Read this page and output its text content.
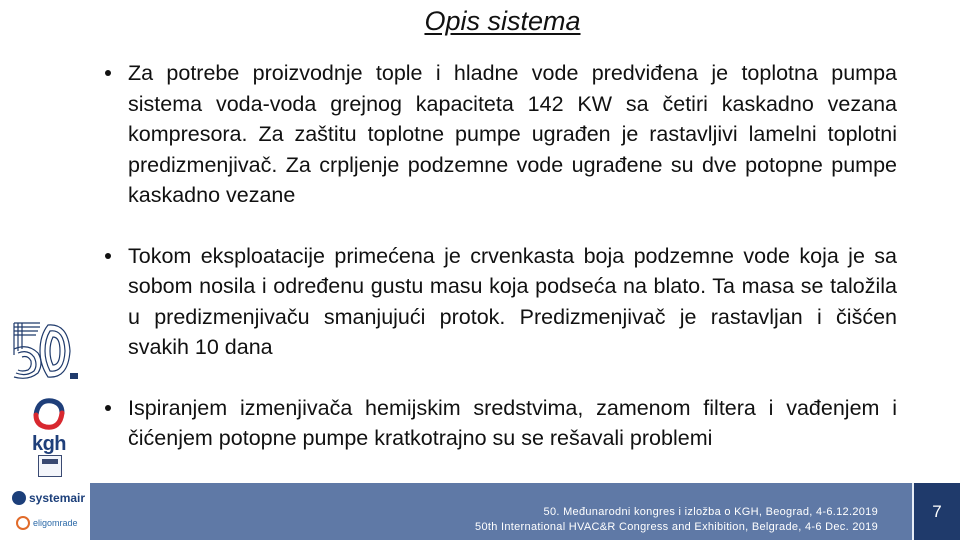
Opis sistema
Za potrebe proizvodnje tople i hladne vode predviđena je toplotna pumpa sistema voda-voda grejnog kapaciteta 142 KW sa četiri kaskadno vezana kompresora. Za zaštitu toplotne pumpe ugrađen je rastavljivi lamelni toplotni predizmenjivač. Za crpljenje podzemne vode ugrađene su dve potopne pumpe kaskadno vezane
Tokom eksploatacije primećena je crvenkasta boja podzemne vode koja je sa sobom nosila i određenu gustu masu koja podseća na blato. Ta masa se taložila u predizmenjivaču smanjujući protok. Predizmenjivač je rastavljan i čišćen svakih 10 dana
Ispiranjem izmenjivača hemijskim sredstvima, zamenom filtera i vađenjem i čićenjem potopne pumpe kratkotrajno su se rešavali problemi
kgh
systemair
eligomrade
50. Međunarodni kongres i izložba o KGH, Beograd, 4-6.12.2019
50th International HVAC&R Congress and Exhibition, Belgrade, 4-6 Dec. 2019
7
